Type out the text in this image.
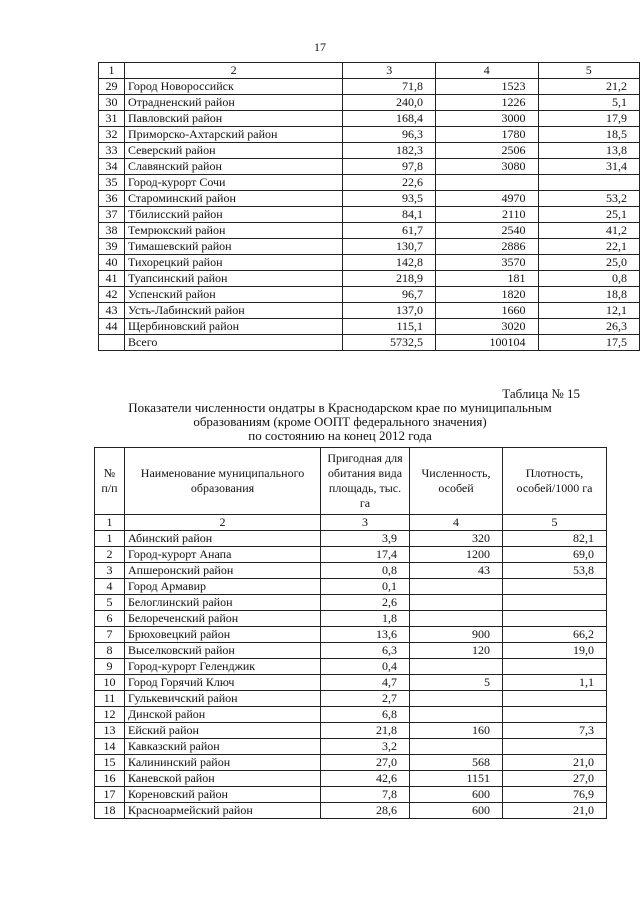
17
1	2	3	4	5
29	Город Новороссийск	71,8	1523	21,2
30	Отрадненский район	240,0	1226	5,1
31	Павловский район	168,4	3000	17,9
32	Приморско-Ахтарский район	96,3	1780	18,5
33	Северский район	182,3	2506	13,8
34	Славянский район	97,8	3080	31,4
35	Город-курорт Сочи	22,6		
36	Староминский район	93,5	4970	53,2
37	Тбилисский район	84,1	2110	25,1
38	Темрюкский район	61,7	2540	41,2
39	Тимашевский район	130,7	2886	22,1
40	Тихорецкий район	142,8	3570	25,0
41	Туапсинский район	218,9	181	0,8
42	Успенский район	96,7	1820	18,8
43	Усть-Лабинский район	137,0	1660	12,1
44	Щербиновский район	115,1	3020	26,3
	Всего	5732,5	100104	17,5
Таблица № 15
Показатели численности ондатры в Краснодарском крае по муниципальным
образованиям (кроме ООПТ федерального значения)
по состоянию на конец 2012 года
№ п/п	Наименование муниципального образования	Пригодная для обитания вида площадь, тыс. га	Численность, особей	Плотность, особей/1000 га
1	2	3	4	5
1	Абинский район	3,9	320	82,1
2	Город-курорт Анапа	17,4	1200	69,0
3	Апшеронский район	0,8	43	53,8
4	Город Армавир	0,1		
5	Белоглинский район	2,6		
6	Белореченский район	1,8		
7	Брюховецкий район	13,6	900	66,2
8	Выселковский район	6,3	120	19,0
9	Город-курорт Геленджик	0,4		
10	Город Горячий Ключ	4,7	5	1,1
11	Гулькевичский район	2,7		
12	Динской район	6,8		
13	Ейский район	21,8	160	7,3
14	Кавказский район	3,2		
15	Калининский район	27,0	568	21,0
16	Каневской район	42,6	1151	27,0
17	Кореновский район	7,8	600	76,9
18	Красноармейский район	28,6	600	21,0
